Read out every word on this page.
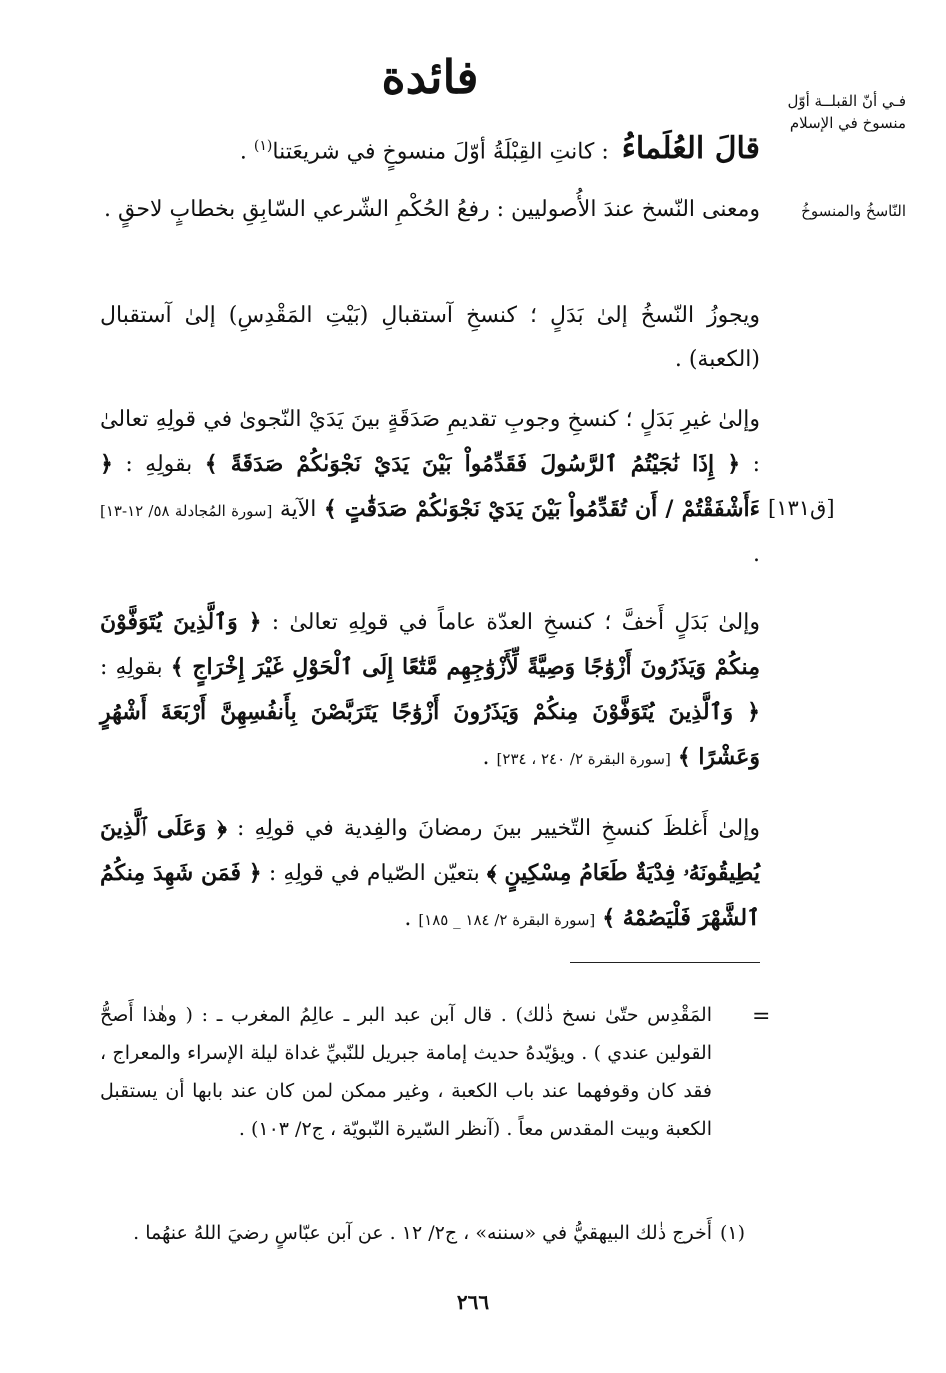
فائدة	فـي أنّ القبلــة أوّل منسوخ في الإسلام
النّاسخُ والمنسوخُ
قالَ العُلَماءُ : كانتِ القِبْلَةُ أوّلَ منسوخٍ في شريعَتنا$^{(١)}$ .
ومعنى النّسخ عندَ الأُصوليين : رفعُ الحُكْمِ الشّرعي السّابِقِ بخطابٍ لاحقٍ .
ويجوزُ النّسخُ إلىٰ بَدَلٍ ؛ كنسخِ آستقبالِ (بَيْتِ المَقْدِسِ) إلىٰ آستقبال (الكعبة) .
وإلىٰ غيرِ بَدَلٍ ؛ كنسخِ وجوبِ تقديمِ صَدَقَةٍ بينَ يَدَيْ النّجوىٰ في قولِهِ تعالىٰ : ﴿ إِذَا نَٰجَيْتُمُ ٱلرَّسُولَ فَقَدِّمُواْ بَيْنَ يَدَيْ نَجْوَىٰكُمْ صَدَقَةً ﴾ بقولِهِ : ﴿ ءَأَشْفَقْتُمْ / أَن تُقَدِّمُواْ بَيْنَ يَدَيْ نَجْوَىٰكُمْ صَدَقَٰتٍ ﴾ الآية [سورة المُجادلة ٥٨/ ١٢-١٣] .
[ق١٣١]
وإلىٰ بَدَلٍ أَخفَّ ؛ كنسخِ العدّة عاماً في قولِهِ تعالىٰ : ﴿ وَٱلَّذِينَ يُتَوَفَّوْنَ مِنكُمْ وَيَذَرُونَ أَزْوَٰجًا وَصِيَّةً لِّأَزْوَٰجِهِم مَّتَٰعًا إِلَى ٱلْحَوْلِ غَيْرَ إِخْرَاجٍ ﴾ بقولِهِ : ﴿ وَٱلَّذِينَ يُتَوَفَّوْنَ مِنكُمْ وَيَذَرُونَ أَزْوَٰجًا يَتَرَبَّصْنَ بِأَنفُسِهِنَّ أَرْبَعَةَ أَشْهُرٍ وَعَشْرًا ﴾ [سورة البقرة ٢/ ٢٤٠ ، ٢٣٤] .
وإلىٰ أَغلظَ كنسخِ التّخيير بينَ رمضانَ والفِدية في قولِهِ : ﴿ وَعَلَى ٱلَّذِينَ يُطِيقُونَهُۥ فِدْيَةٌ طَعَامُ مِسْكِينٍ ﴾ بتعيّن الصّيام في قولِهِ : ﴿ فَمَن شَهِدَ مِنكُمُ ٱلشَّهْرَ فَلْيَصُمْهُ ﴾ [سورة البقرة ٢/ ١٨٤ _ ١٨٥] .
=
المَقْدِس حتّىٰ نسخ ذٰلك) . قال آبن عبد البر ـ عالِمُ المغرب ـ : ( وهٰذا أَصحُّ القولين عندي ) . ويؤيّدهُ حديث إمامة جبريل للنّبيِّ غداة ليلة الإسراء والمعراج ، فقد كان وقوفهما عند باب الكعبة ، وغير ممكن لمن كان عند بابها أن يستقبل الكعبة وبيت المقدس معاً . (آنظر السّيرة النّبويّة ، ج٢/ ١٠٣) .
(١)
أَخرج ذٰلك البيهقيُّ في «سننه» ، ج٢/ ١٢ . عن آبن عبّاسٍ رضيَ اللهُ عنهُما .
٢٦٦
